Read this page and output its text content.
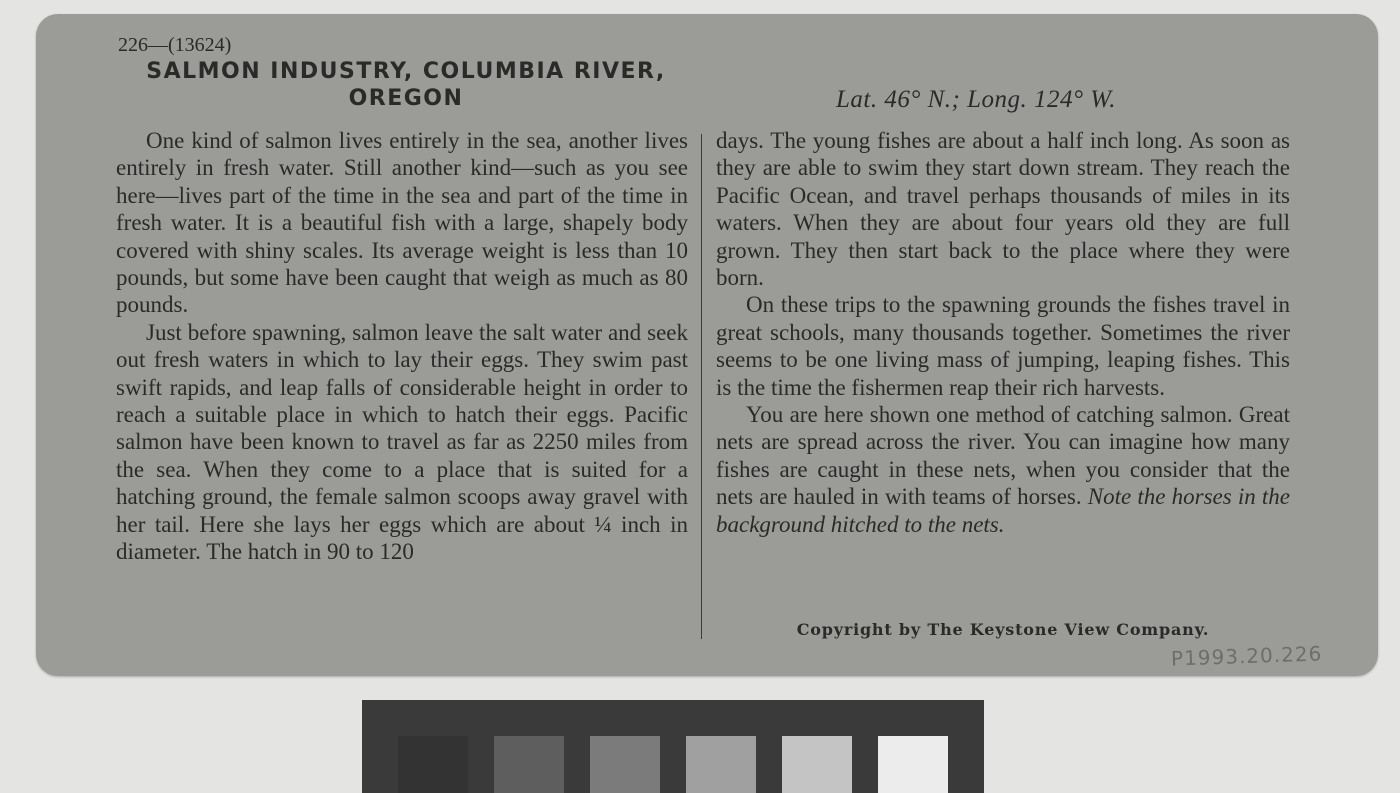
226—(13624)
SALMON INDUSTRY, COLUMBIA RIVER, OREGON	Lat. 46° N.; Long. 124° W.

One kind of salmon lives entirely in the sea, another lives entirely in fresh water. Still another kind—such as you see here—lives part of the time in the sea and part of the time in fresh water. It is a beautiful fish with a large, shapely body covered with shiny scales. Its average weight is less than 10 pounds, but some have been caught that weigh as much as 80 pounds.

Just before spawning, salmon leave the salt water and seek out fresh waters in which to lay their eggs. They swim past swift rapids, and leap falls of considerable height in order to reach a suitable place in which to hatch their eggs. Pacific salmon have been known to travel as far as 2250 miles from the sea. When they come to a place that is suited for a hatching ground, the female salmon scoops away gravel with her tail. Here she lays her eggs which are about ¼ inch in diameter. The hatch in 90 to 120

days. The young fishes are about a half inch long. As soon as they are able to swim they start down stream. They reach the Pacific Ocean, and travel perhaps thousands of miles in its waters. When they are about four years old they are full grown. They then start back to the place where they were born.

On these trips to the spawning grounds the fishes travel in great schools, many thousands together. Sometimes the river seems to be one living mass of jumping, leaping fishes. This is the time the fishermen reap their rich harvests.

You are here shown one method of catching salmon. Great nets are spread across the river. You can imagine how many fishes are caught in these nets, when you consider that the nets are hauled in with teams of horses. Note the horses in the background hitched to the nets.

Copyright by The Keystone View Company.
P1993.20.226
